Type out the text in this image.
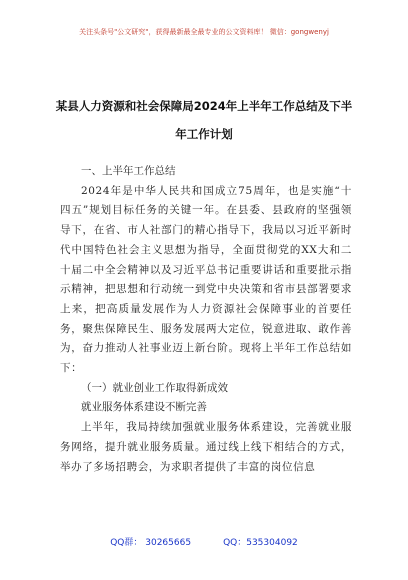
关注头条号"公文研究"，获得最新最全最专业的公文资料库！ 微信：gongwenyj
某县人力资源和社会保障局2024年上半年工作总结及下半
年工作计划

一、上半年工作总结

2024年是中华人民共和国成立75周年，也是实施“十四五”规划目标任务的关键一年。在县委、县政府的坚强领导下，在省、市人社部门的精心指导下，我局以习近平新时代中国特色社会主义思想为指导，全面贯彻党的XX大和二十届二中全会精神以及习近平总书记重要讲话和重要批示指示精神，把思想和行动统一到党中央决策和省市县部署要求上来，把高质量发展作为人力资源社会保障事业的首要任务，聚焦保障民生、服务发展两大定位，锐意进取、敢作善为，奋力推动人社事业迈上新台阶。现将上半年工作总结如下：

（一）就业创业工作取得新成效

就业服务体系建设不断完善

上半年，我局持续加强就业服务体系建设，完善就业服务网络，提升就业服务质量。通过线上线下相结合的方式，举办了多场招聘会，为求职者提供了丰富的岗位信息

QQ群： 30265665	QQ：535304092
